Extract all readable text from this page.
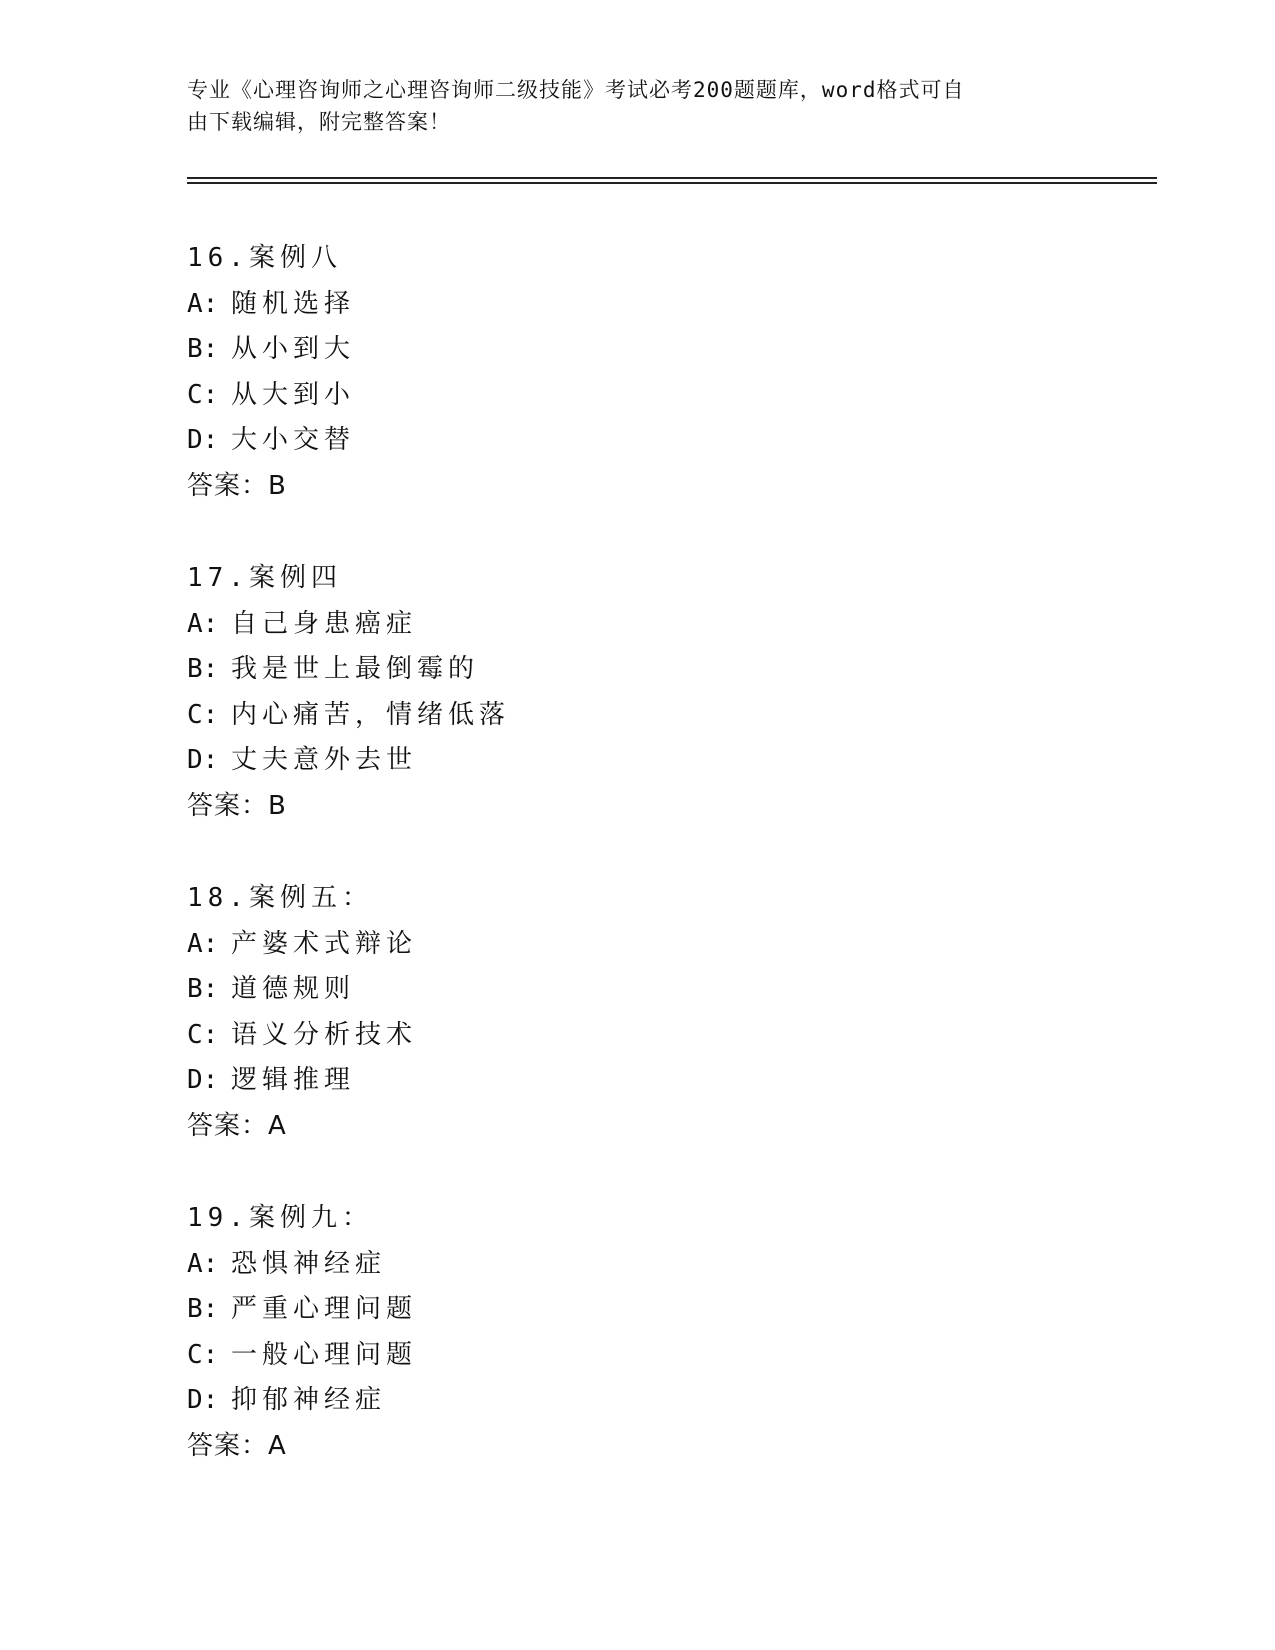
专业《心理咨询师之心理咨询师二级技能》考试必考200题题库，word格式可自
由下载编辑，附完整答案！
16.案例八
A: 随机选择
B: 从小到大
C: 从大到小
D: 大小交替
答案：B
17.案例四
A: 自己身患癌症
B: 我是世上最倒霉的
C: 内心痛苦，情绪低落
D: 丈夫意外去世
答案：B
18.案例五：
A: 产婆术式辩论
B: 道德规则
C: 语义分析技术
D: 逻辑推理
答案：A
19.案例九：
A: 恐惧神经症
B: 严重心理问题
C: 一般心理问题
D: 抑郁神经症
答案：A
